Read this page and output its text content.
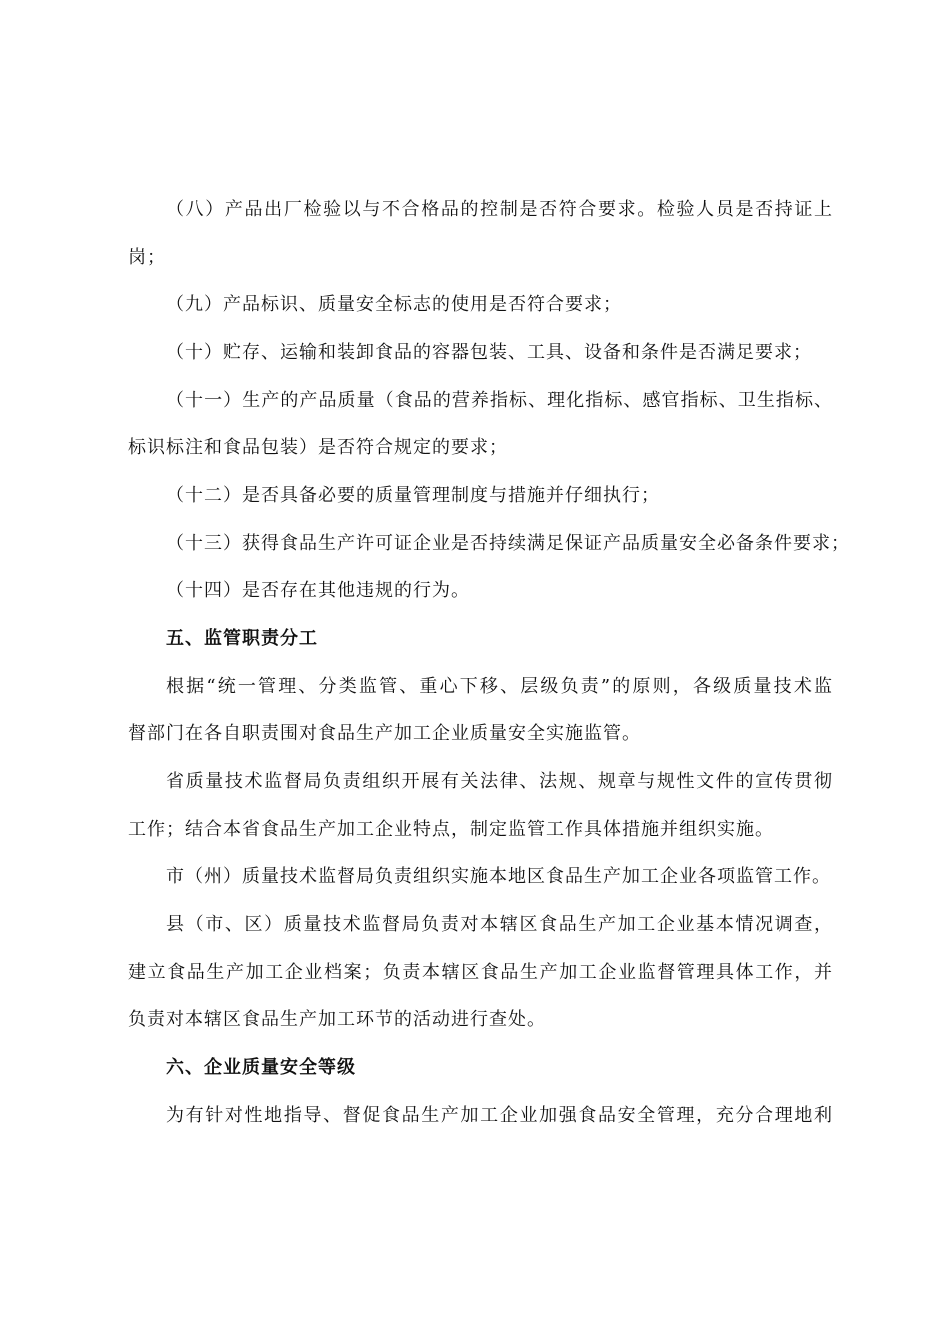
（八）产品出厂检验以与不合格品的控制是否符合要求。检验人员是否持证上
岗；
（九）产品标识、质量安全标志的使用是否符合要求；
（十）贮存、运输和装卸食品的容器包装、工具、设备和条件是否满足要求；
（十一）生产的产品质量（食品的营养指标、理化指标、感官指标、卫生指标、
标识标注和食品包装）是否符合规定的要求；
（十二）是否具备必要的质量管理制度与措施并仔细执行；
（十三）获得食品生产许可证企业是否持续满足保证产品质量安全必备条件要求；
（十四）是否存在其他违规的行为。
五、监管职责分工
根据“统一管理、分类监管、重心下移、层级负责”的原则，各级质量技术监
督部门在各自职责围对食品生产加工企业质量安全实施监管。
省质量技术监督局负责组织开展有关法律、法规、规章与规性文件的宣传贯彻
工作；结合本省食品生产加工企业特点，制定监管工作具体措施并组织实施。
市（州）质量技术监督局负责组织实施本地区食品生产加工企业各项监管工作。
县（市、区）质量技术监督局负责对本辖区食品生产加工企业基本情况调查，
建立食品生产加工企业档案；负责本辖区食品生产加工企业监督管理具体工作，并
负责对本辖区食品生产加工环节的活动进行查处。
六、企业质量安全等级
为有针对性地指导、督促食品生产加工企业加强食品安全管理，充分合理地利
